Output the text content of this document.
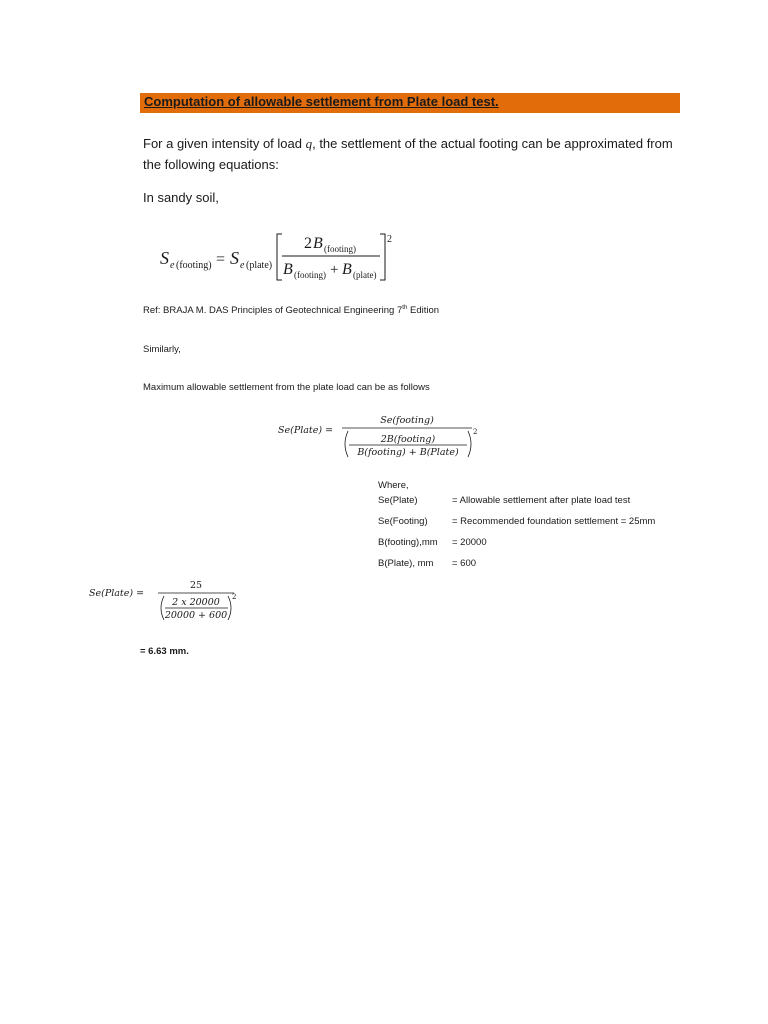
Computation of allowable settlement from Plate load test.
For a given intensity of load q, the settlement of the actual footing can be approximated from the following equations:
In sandy soil,
S e (footing) = S e (plate)
2 B (footing)
B (footing) + B (plate)
2
Ref: BRAJA M. DAS Principles of Geotechnical Engineering 7th Edition
Similarly,
Maximum allowable settlement from the plate load can be as follows
Se(Plate) =
Se(footing)
2B(footing)
B(footing) + B(Plate)
2
Where,
Se(Plate)	= Allowable settlement after plate load test
Se(Footing)	= Recommended foundation settlement = 25mm
B(footing),mm = 20000
B(Plate), mm = 600
Se(Plate) =
25
2 x 20000
20000 + 600
2
= 6.63 mm.
